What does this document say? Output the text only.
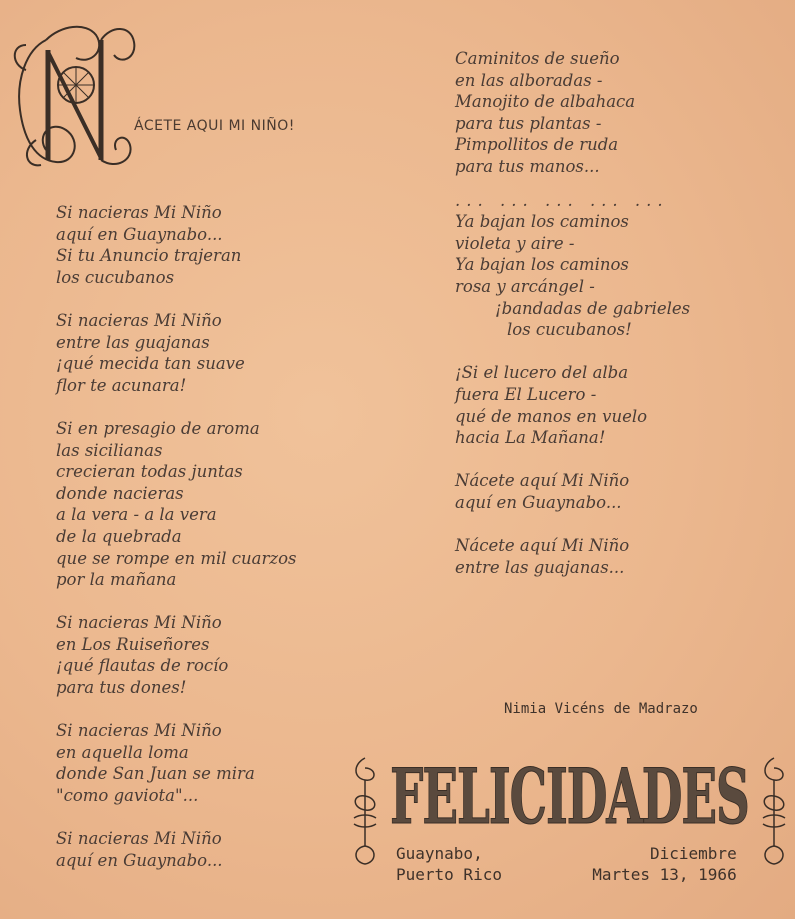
ÁCETE AQUI MI NIÑO!
Si nacieras Mi Niño
aquí en Guaynabo...
Si tu Anuncio trajeran
los cucubanos
Si nacieras Mi Niño
entre las guajanas
¡qué mecida tan suave
flor te acunara!
Si en presagio de aroma
las sicilianas
crecieran todas juntas
donde nacieras
a la vera - a la vera
de la quebrada
que se rompe en mil cuarzos
por la mañana
Si nacieras Mi Niño
en Los Ruiseñores
¡qué flautas de rocío
para tus dones!
Si nacieras Mi Niño
en aquella loma
donde San Juan se mira
"como gaviota"...
Si nacieras Mi Niño
aquí en Guaynabo...
Caminitos de sueño
en las alboradas -
Manojito de albahaca
para tus plantas -
Pimpollitos de ruda
para tus manos...
... ... ... ... ...
Ya bajan los caminos
violeta y aire -
Ya bajan los caminos
rosa y arcángel -
¡bandadas de gabrieles
los cucubanos!
¡Si el lucero del alba
fuera El Lucero -
qué de manos en vuelo
hacia La Mañana!
Nácete aquí Mi Niño
aquí en Guaynabo...
Nácete aquí Mi Niño
entre las guajanas...
Nimia Vicéns de Madrazo
FELICIDADES
Guaynabo,
Puerto Rico
Diciembre
Martes 13, 1966
